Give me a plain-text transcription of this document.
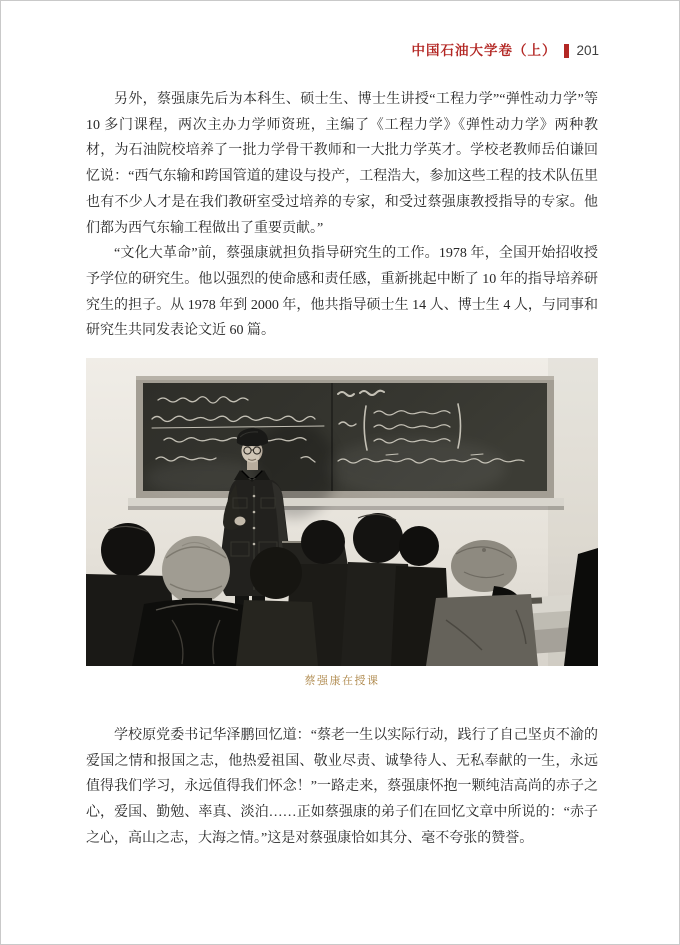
中国石油大学卷（上） 201

另外，蔡强康先后为本科生、硕士生、博士生讲授“工程力学”“弹性动力学”等 10 多门课程，两次主办力学师资班，主编了《工程力学》《弹性动力学》两种教材，为石油院校培养了一批力学骨干教师和一大批力学英才。学校老教师岳伯谦回忆说：“西气东输和跨国管道的建设与投产，工程浩大，参加这些工程的技术队伍里也有不少人才是在我们教研室受过培养的专家，和受过蔡强康教授指导的专家。他们都为西气东输工程做出了重要贡献。”

“文化大革命”前，蔡强康就担负指导研究生的工作。1978 年，全国开始招收授予学位的研究生。他以强烈的使命感和责任感，重新挑起中断了 10 年的指导培养研究生的担子。从 1978 年到 2000 年，他共指导硕士生 14 人、博士生 4 人，与同事和研究生共同发表论文近 60 篇。

蔡强康在授课

学校原党委书记华泽鹏回忆道：“蔡老一生以实际行动，践行了自己坚贞不渝的爱国之情和报国之志，他热爱祖国、敬业尽责、诚挚待人、无私奉献的一生，永远值得我们学习，永远值得我们怀念！”一路走来，蔡强康怀抱一颗纯洁高尚的赤子之心，爱国、勤勉、率真、淡泊……正如蔡强康的弟子们在回忆文章中所说的：“赤子之心，高山之志，大海之情。”这是对蔡强康恰如其分、毫不夸张的赞誉。
